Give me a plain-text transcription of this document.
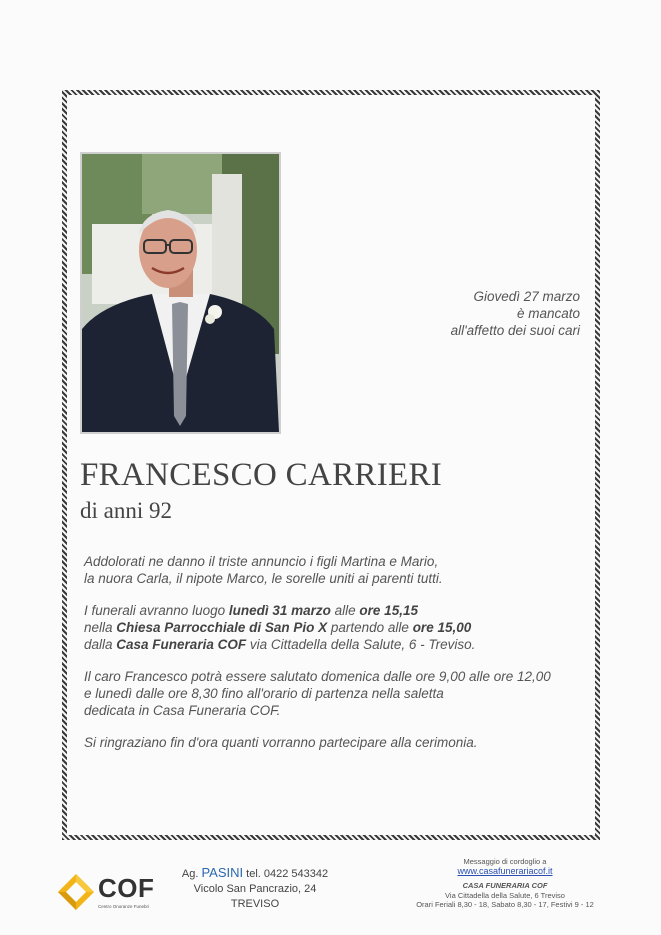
Giovedì 27 marzo
è mancato
all'affetto dei suoi cari
FRANCESCO CARRIERI
di anni 92

Addolorati ne danno il triste annuncio i figli Martina e Mario,
la nuora Carla, il nipote Marco, le sorelle uniti ai parenti tutti.

I funerali avranno luogo lunedì 31 marzo alle ore 15,15
nella Chiesa Parrocchiale di San Pio X partendo alle ore 15,00
dalla Casa Funeraria COF via Cittadella della Salute, 6 - Treviso.

Il caro Francesco potrà essere salutato domenica dalle ore 9,00 alle ore 12,00
e lunedì dalle ore 8,30 fino all'orario di partenza nella saletta
dedicata in Casa Funeraria COF.

Si ringraziano fin d'ora quanti vorranno partecipare alla cerimonia.

COF
Centro Onoranze Funebri
Ag. PASINI tel. 0422 543342
Vicolo San Pancrazio, 24
TREVISO
Messaggio di cordoglio a
www.casafunerariacof.it
CASA FUNERARIA COF
Via Cittadella della Salute, 6 Treviso
Orari Feriali 8,30 - 18, Sabato 8,30 - 17, Festivi 9 - 12
